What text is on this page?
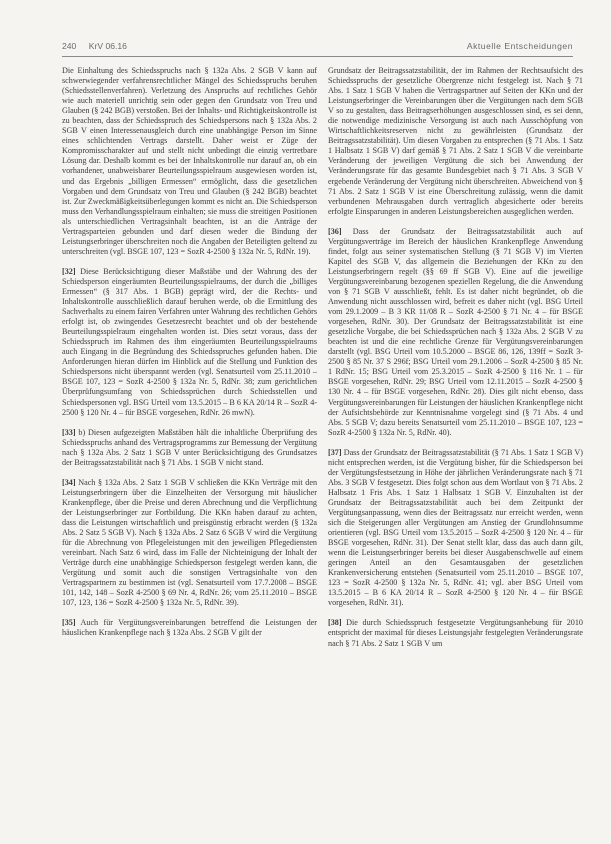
240 KrV 06.16	Aktuelle Entscheidungen

Die Einhaltung des Schiedsspruchs nach § 132a Abs. 2 SGB V kann auf schwerwiegender verfahrensrechtlicher Mängel des Schiedsspruchs beruhen (Schiedsstellenverfahren). Verletzung des Anspruchs auf rechtliches Gehör wie auch materiell unrichtig sein oder gegen den Grundsatz von Treu und Glauben (§ 242 BGB) verstoßen. Bei der Inhalts- und Richtigkeitskontrolle ist zu beachten, dass der Schiedsspruch des Schiedspersons nach § 132a Abs. 2 SGB V einen Interessenausgleich durch eine unabhängige Person im Sinne eines schlichtenden Vertrags darstellt. Daher weist er Züge der Kompromisscharakter auf und stellt nicht unbedingt die einzig vertretbare Lösung dar. Deshalb kommt es bei der Inhaltskontrolle nur darauf an, ob ein vorhandener, unabweisbarer Beurteilungsspielraum ausgewiesen worden ist, und das Ergebnis „billigen Ermessen“ ermöglicht, dass die gesetzlichen Vorgaben und dem Grundsatz von Treu und Glauben (§ 242 BGB) beachtet ist. Zur Zweckmäßigkeitsüberlegungen kommt es nicht an. Die Schiedsperson muss den Verhandlungsspielraum einhalten; sie muss die streitigen Positionen als unterschiedlichen Vertragsinhalt beachten, ist an die Anträge der Vertragsparteien gebunden und darf diesen weder die Bindung der Leistungserbringer überschreiten noch die Angaben der Beteiligten geltend zu unterschreiten (vgl. BSGE 107, 123 = SozR 4-2500 § 132a Nr. 5, RdNr. 19).

[32] Diese Berücksichtigung dieser Maßstäbe und der Wahrung des der Schiedsperson eingeräumten Beurteilungsspielraums, der durch die „billiges Ermessen“ (§ 317 Abs. 1 BGB) geprägt wird, der die Rechts- und Inhaltskontrolle ausschließlich darauf beruhen werde, ob die Ermittlung des Sachverhalts zu einem fairen Verfahren unter Wahrung des rechtlichen Gehörs erfolgt ist, ob zwingendes Gesetzesrecht beachtet und ob der bestehende Beurteilungsspielraum eingehalten worden ist. Dies setzt voraus, dass der Schiedsspruch im Rahmen des ihm eingeräumten Beurteilungsspielraums auch Eingang in die Begründung des Schiedsspruches gefunden haben. Die Anforderungen hieran dürfen im Hinblick auf die Stellung und Funktion des Schiedspersons nicht überspannt werden (vgl. Senatsurteil vom 25.11.2010 – BSGE 107, 123 = SozR 4-2500 § 132a Nr. 5, RdNr. 38; zum gerichtlichen Überprüfungsumfang von Schiedssprüchen durch Schiedsstellen und Schiedspersonen vgl. BSG Urteil vom 13.5.2015 – B 6 KA 20/14 R – SozR 4-2500 § 120 Nr. 4 – für BSGE vorgesehen, RdNr. 26 mwN).

[33] b) Diesen aufgezeigten Maßstäben hält die inhaltliche Überprüfung des Schiedsspruchs anhand des Vertragsprogramms zur Bemessung der Vergütung nach § 132a Abs. 2 Satz 1 SGB V unter Berücksichtigung des Grundsatzes der Beitragssatzstabilität nach § 71 Abs. 1 SGB V nicht stand.

[34] Nach § 132a Abs. 2 Satz 1 SGB V schließen die KKn Verträge mit den Leistungserbringern über die Einzelheiten der Versorgung mit häuslicher Krankenpflege, über die Preise und deren Abrechnung und die Verpflichtung der Leistungserbringer zur Fortbildung. Die KKn haben darauf zu achten, dass die Leistungen wirtschaftlich und preisgünstig erbracht werden (§ 132a Abs. 2 Satz 5 SGB V). Nach § 132a Abs. 2 Satz 6 SGB V wird die Vergütung für die Abrechnung von Pflegeleistungen mit den jeweiligen Pflegediensten vereinbart. Nach Satz 6 wird, dass im Falle der Nichteinigung der Inhalt der Verträge durch eine unabhängige Schiedsperson festgelegt werden kann, die Vergütung und somit auch die sonstigen Vertragsinhalte von den Vertragspartnern zu bestimmen ist (vgl. Senatsurteil vom 17.7.2008 – BSGE 101, 142, 148 – SozR 4-2500 § 69 Nr. 4, RdNr. 26; vom 25.11.2010 – BSGE 107, 123, 136 = SozR 4-2500 § 132a Nr. 5, RdNr. 39).

[35] Auch für Vergütungsvereinbarungen betreffend die Leistungen der häuslichen Krankenpflege nach § 132a Abs. 2 SGB V gilt der

Grundsatz der Beitragssatzstabilität, der im Rahmen der Rechtsaufsicht des Schiedsspruchs der gesetzliche Obergrenze nicht festgelegt ist. Nach § 71 Abs. 1 Satz 1 SGB V haben die Vertragspartner auf Seiten der KKn und der Leistungserbringer die Vereinbarungen über die Vergütungen nach dem SGB V so zu gestalten, dass Beitragserhöhungen ausgeschlossen sind, es sei denn, die notwendige medizinische Versorgung ist auch nach Ausschöpfung von Wirtschaftlichkeitsreserven nicht zu gewährleisten (Grundsatz der Beitragssatzstabilität). Um diesen Vorgaben zu entsprechen (§ 71 Abs. 1 Satz 1 Halbsatz 1 SGB V) darf gemäß § 71 Abs. 2 Satz 1 SGB V die vereinbarte Veränderung der jeweiligen Vergütung die sich bei Anwendung der Veränderungsrate für das gesamte Bundesgebiet nach § 71 Abs. 3 SGB V ergebende Veränderung der Vergütung nicht überschreiten. Abweichend von § 71 Abs. 2 Satz 1 SGB V ist eine Überschreitung zulässig, wenn die damit verbundenen Mehrausgaben durch vertraglich abgesicherte oder bereits erfolgte Einsparungen in anderen Leistungsbereichen ausgeglichen werden.

[36] Dass der Grundsatz der Beitragssatzstabilität auch auf Vergütungsverträge im Bereich der häuslichen Krankenpflege Anwendung findet, folgt aus seiner systematischen Stellung (§ 71 SGB V) im Vierten Kapitel des SGB V, das allgemein die Beziehungen der KKn zu den Leistungserbringern regelt (§§ 69 ff SGB V). Eine auf die jeweilige Vergütungsvereinbarung bezogenen speziellen Regelung, die die Anwendung von § 71 SGB V ausschließt, fehlt. Es ist daher nicht begründet, ob die Anwendung nicht ausschlossen wird, befreit es daher nicht (vgl. BSG Urteil vom 29.1.2009 – B 3 KR 11/08 R – SozR 4-2500 § 71 Nr. 4 – für BSGE vorgesehen, RdNr. 30). Der Grundsatz der Beitragssatzstabilität ist eine gesetzliche Vorgabe, die bei Schiedssprüchen nach § 132a Abs. 2 SGB V zu beachten ist und die eine rechtliche Grenze für Vergütungsvereinbarungen darstellt (vgl. BSG Urteil vom 10.5.2000 – BSGE 86, 126, 139ff = SozR 3-2500 § 85 Nr. 37 S 296f; BSG Urteil vom 29.1.2006 – SozR 4-2500 § 85 Nr. 1 RdNr. 15; BSG Urteil vom 25.3.2015 – SozR 4-2500 § 116 Nr. 1 – für BSGE vorgesehen, RdNr. 29; BSG Urteil vom 12.11.2015 – SozR 4-2500 § 130 Nr. 4 – für BSGE vorgesehen, RdNr. 28). Dies gilt nicht ebenso, dass Vergütungsvereinbarungen für Leistungen der häuslichen Krankenpflege nicht der Aufsichtsbehörde zur Kenntnisnahme vorgelegt sind (§ 71 Abs. 4 und Abs. 5 SGB V; dazu bereits Senatsurteil vom 25.11.2010 – BSGE 107, 123 = SozR 4-2500 § 132a Nr. 5, RdNr. 40).

[37] Dass der Grundsatz der Beitragssatzstabilität (§ 71 Abs. 1 Satz 1 SGB V) nicht entsprechen werden, ist die Vergütung bisher, für die Schiedsperson bei der Vergütungsfestsetzung in Höhe der jährlichen Veränderungsrate nach § 71 Abs. 3 SGB V festgesetzt. Dies folgt schon aus dem Wortlaut von § 71 Abs. 2 Halbsatz 1 Fris Abs. 1 Satz 1 Halbsatz 1 SGB V. Einzuhalten ist der Grundsatz der Beitragssatzstabilität auch bei dem Zeitpunkt der Vergütungsanpassung, wenn dies der Beitragssatz nur erreicht werden, wenn sich die Steigerungen aller Vergütungen am Anstieg der Grundlohnsumme orientieren (vgl. BSG Urteil vom 13.5.2015 – SozR 4-2500 § 120 Nr. 4 – für BSGE vorgesehen, RdNr. 31). Der Senat stellt klar, dass das auch dann gilt, wenn die Leistungserbringer bereits bei dieser Ausgabenschwelle auf einem geringen Anteil an den Gesamtausgaben der gesetzlichen Krankenversicherung entstehen (Senatsurteil vom 25.11.2010 – BSGE 107, 123 = SozR 4-2500 § 132a Nr. 5, RdNr. 41; vgl. aber BSG Urteil vom 13.5.2015 – B 6 KA 20/14 R – SozR 4-2500 § 120 Nr. 4 – für BSGE vorgesehen, RdNr. 31).

[38] Die durch Schiedsspruch festgesetzte Vergütungsanhebung für 2010 entspricht der maximal für dieses Leistungsjahr festgelegten Veränderungsrate nach § 71 Abs. 2 Satz 1 SGB V um
